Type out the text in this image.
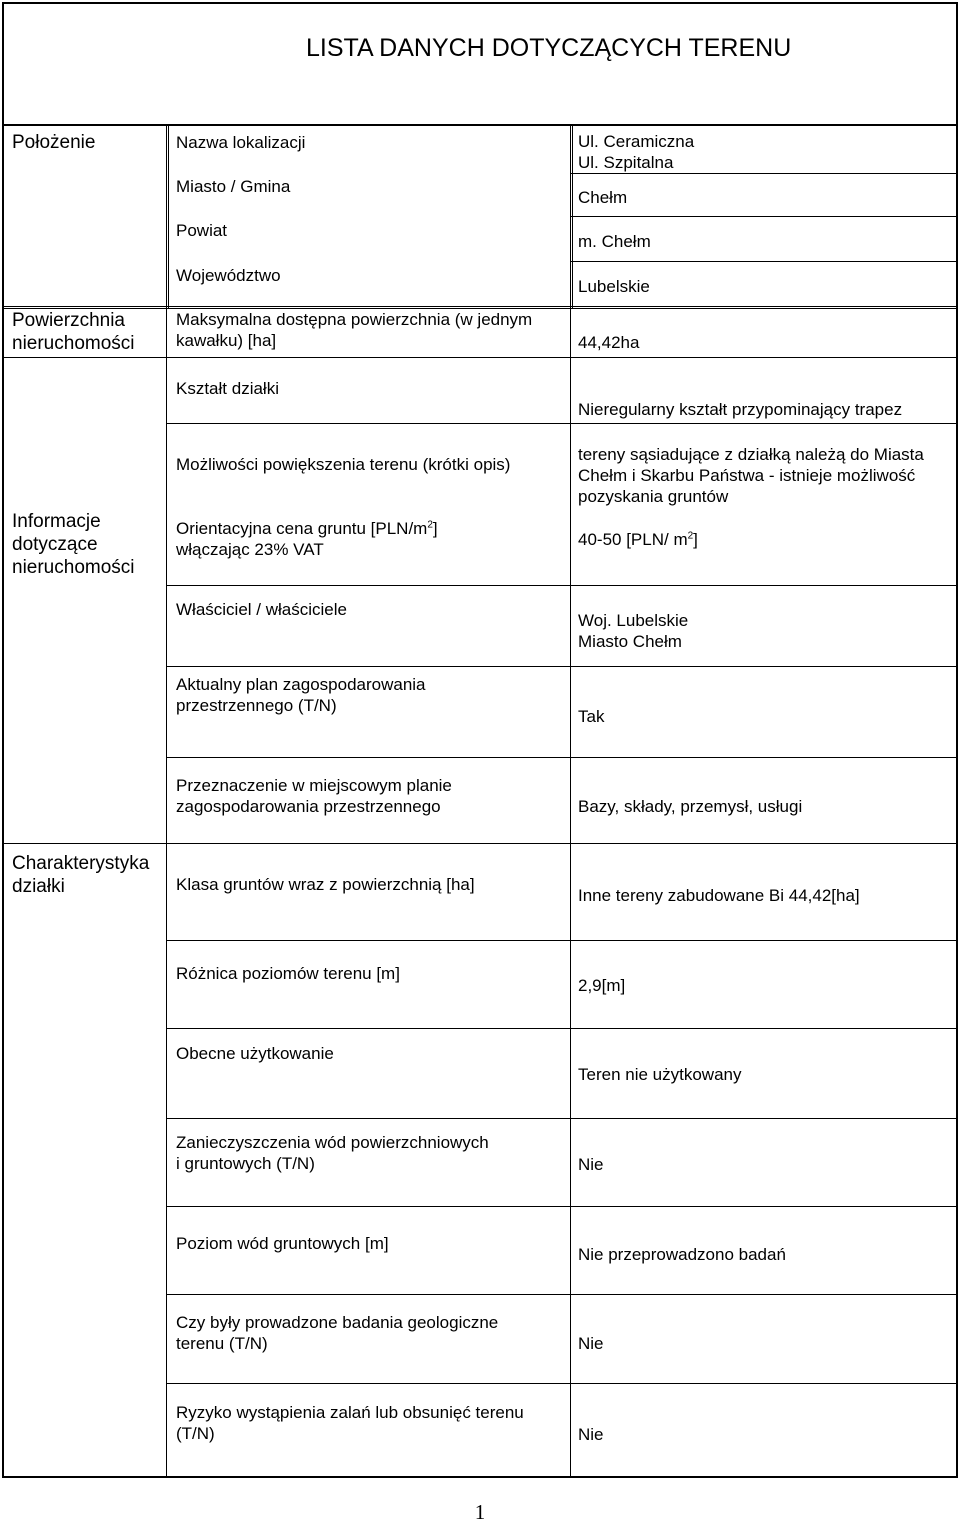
LISTA DANYCH DOTYCZĄCYCH TERENU
Położenie
Powierzchnia
nieruchomości
Informacje
dotyczące
nieruchomości
Charakterystyka
działki
Nazwa lokalizacji
Miasto / Gmina
Powiat
Województwo
Maksymalna dostępna powierzchnia (w jednym
kawałku) [ha]
Kształt działki
Możliwości powiększenia terenu (krótki opis)
Orientacyjna cena gruntu $[PLN/m^2]$
włączając 23% VAT
Właściciel / właściciele
Aktualny plan zagospodarowania
przestrzennego (T/N)
Przeznaczenie w miejscowym planie
zagospodarowania przestrzennego
Klasa gruntów wraz z powierzchnią [ha]
Różnica poziomów terenu [m]
Obecne użytkowanie
Zanieczyszczenia wód powierzchniowych
i gruntowych (T/N)
Poziom wód gruntowych [m]
Czy były prowadzone badania geologiczne
terenu (T/N)
Ryzyko wystąpienia zalań lub obsunięć terenu
(T/N)
Ul. Ceramiczna
Ul. Szpitalna
Chełm
m. Chełm
Lubelskie
44,42ha
Nieregularny kształt przypominający trapez
tereny sąsiadujące z działką należą do Miasta
Chełm i Skarbu Państwa - istnieje możliwość
pozyskania gruntów
40-50 [PLN/ $m^2$]
Woj. Lubelskie
Miasto Chełm
Tak
Bazy, składy, przemysł, usługi
Inne tereny zabudowane Bi 44,42[ha]
2,9[m]
Teren nie użytkowany
Nie
Nie przeprowadzono badań
Nie
Nie
1
